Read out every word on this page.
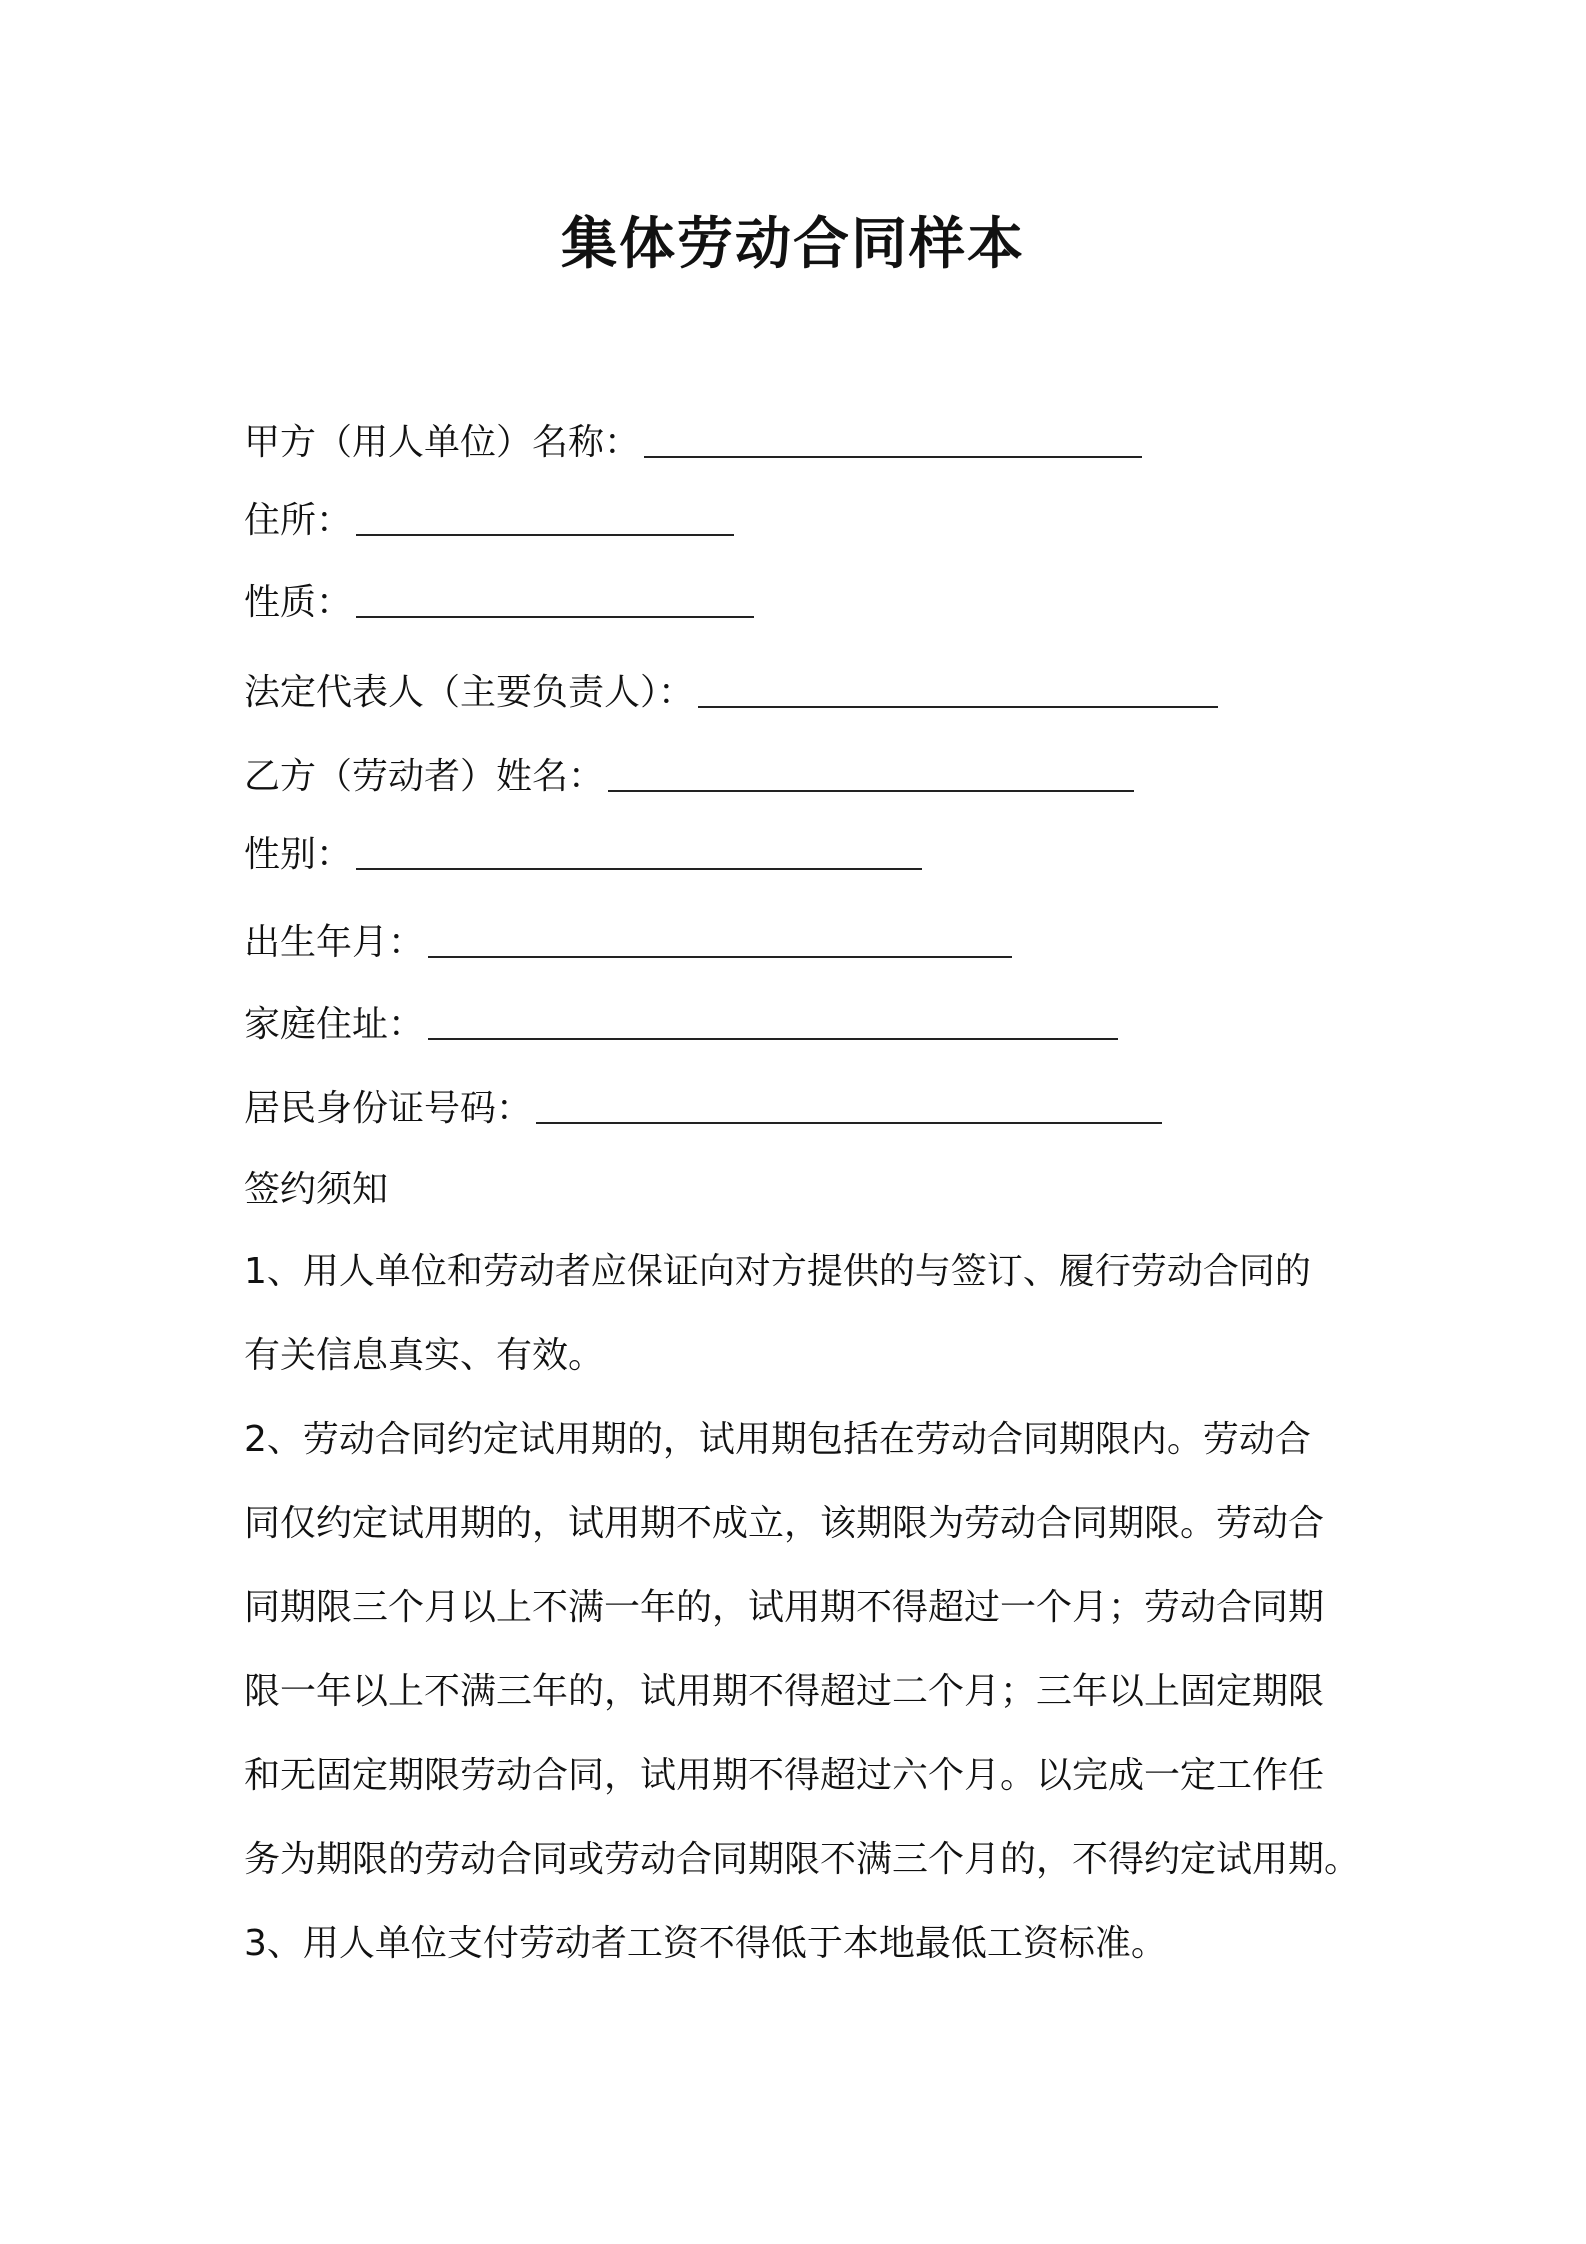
集体劳动合同样本
甲方（用人单位）名称：
住所：
性质：
法定代表人（主要负责人）：
乙方（劳动者）姓名：
性别：
出生年月：
家庭住址：
居民身份证号码：
签约须知
1、用人单位和劳动者应保证向对方提供的与签订、履行劳动合同的
有关信息真实、有效。
2、劳动合同约定试用期的，试用期包括在劳动合同期限内。劳动合
同仅约定试用期的，试用期不成立，该期限为劳动合同期限。劳动合
同期限三个月以上不满一年的，试用期不得超过一个月；劳动合同期
限一年以上不满三年的，试用期不得超过二个月；三年以上固定期限
和无固定期限劳动合同，试用期不得超过六个月。以完成一定工作任
务为期限的劳动合同或劳动合同期限不满三个月的，不得约定试用期。
3、用人单位支付劳动者工资不得低于本地最低工资标准。
